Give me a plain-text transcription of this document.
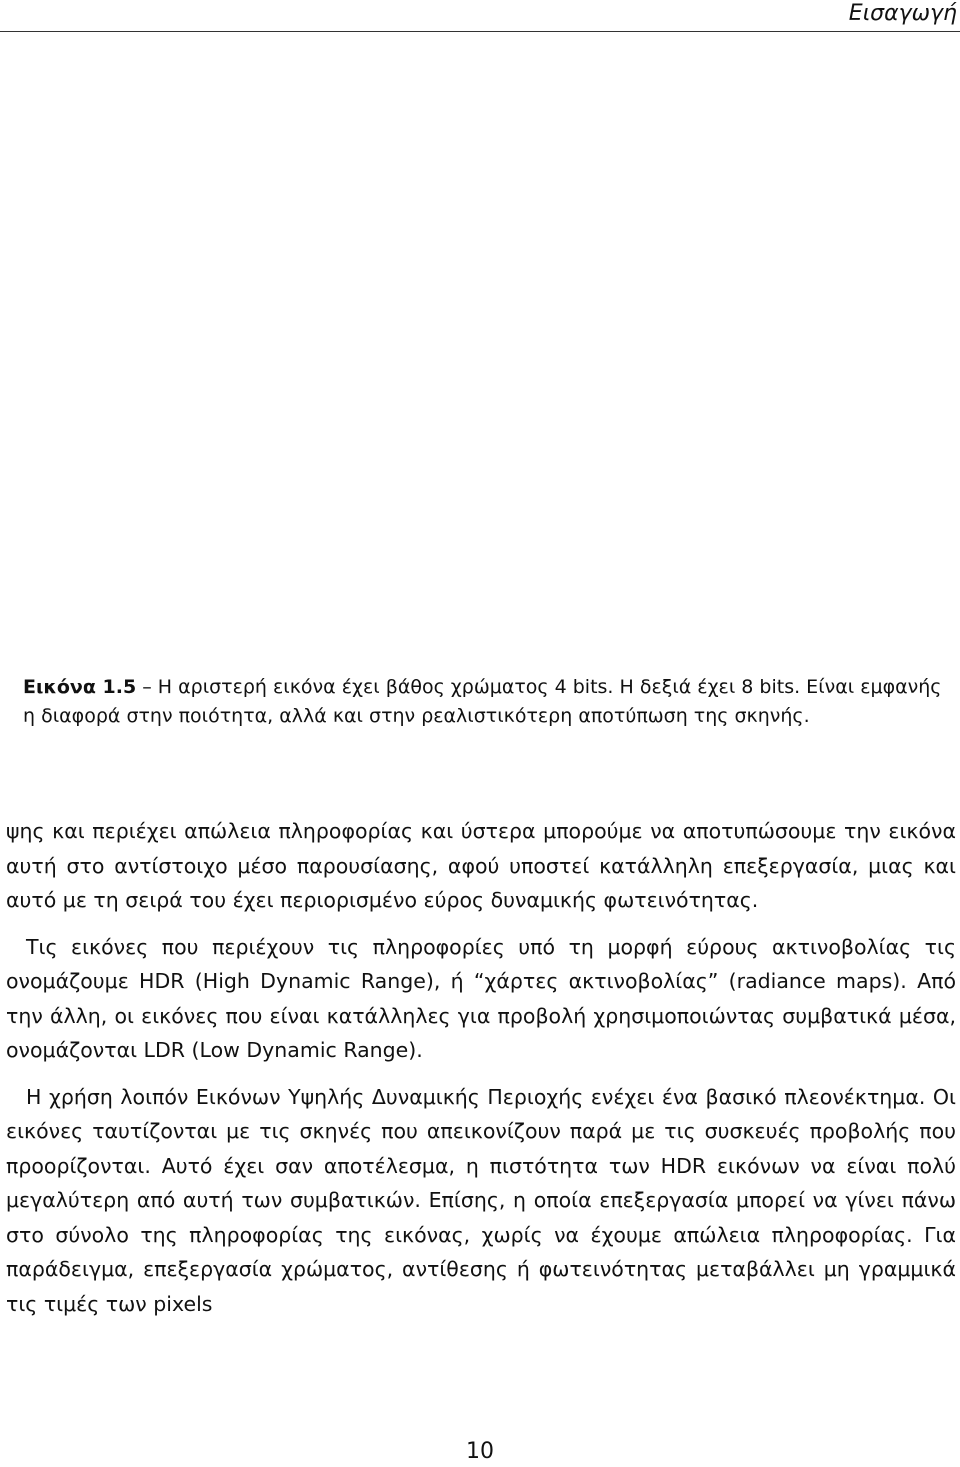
Εισαγωγή

Εικόνα 1.5 – Η αριστερή εικόνα έχει βάθος χρώματος 4 bits. Η δεξιά έχει 8 bits. Είναι εμφανής η διαφορά στην ποιότητα, αλλά και στην ρεαλιστικότερη αποτύπωση της σκηνής.

ψης και περιέχει απώλεια πληροφορίας και ύστερα μπορούμε να αποτυπώσουμε την εικόνα αυτή στο αντίστοιχο μέσο παρουσίασης, αφού υποστεί κατάλληλη επεξεργασία, μιας και αυτό με τη σειρά του έχει περιορισμένο εύρος δυναμικής φωτεινότητας.

Τις εικόνες που περιέχουν τις πληροφορίες υπό τη μορφή εύρους ακτινοβολίας τις ονομάζουμε HDR (High Dynamic Range), ή “χάρτες ακτινοβολίας” (radiance maps). Από την άλλη, οι εικόνες που είναι κατάλληλες για προβολή χρησιμοποιώντας συμβατικά μέσα, ονομάζονται LDR (Low Dynamic Range).

Η χρήση λοιπόν Εικόνων Υψηλής Δυναμικής Περιοχής ενέχει ένα βασικό πλεονέκτημα. Οι εικόνες ταυτίζονται με τις σκηνές που απεικονίζουν παρά με τις συσκευές προβολής που προορίζονται. Αυτό έχει σαν αποτέλεσμα, η πιστότητα των HDR εικόνων να είναι πολύ μεγαλύτερη από αυτή των συμβατικών. Επίσης, η οποία επεξεργασία μπορεί να γίνει πάνω στο σύνολο της πληροφορίας της εικόνας, χωρίς να έχουμε απώλεια πληροφορίας. Για παράδειγμα, επεξεργασία χρώματος, αντίθεσης ή φωτεινότητας μεταβάλλει μη γραμμικά τις τιμές των pixels

10
